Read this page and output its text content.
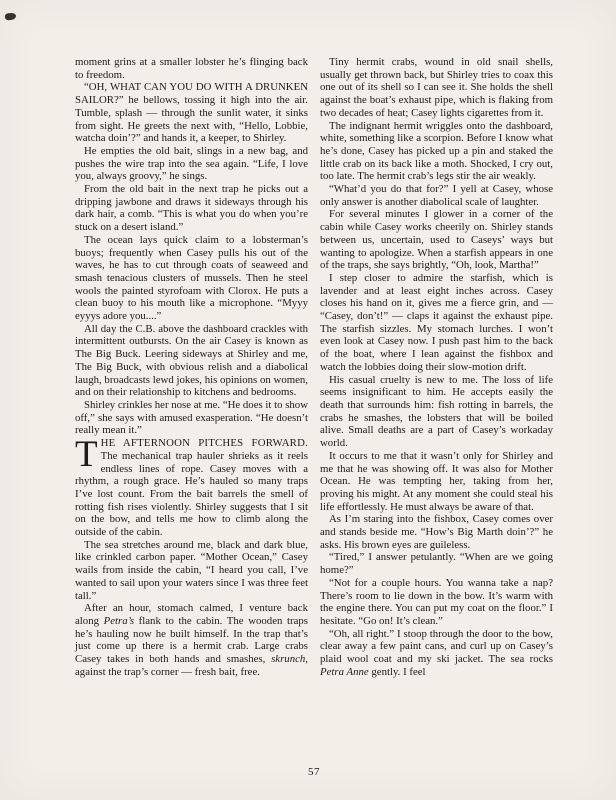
moment grins at a smaller lobster he’s flinging back to freedom.

“OH, WHAT CAN YOU DO WITH A DRUNKEN SAILOR?” he bellows, tossing it high into the air. Tumble, splash — through the sunlit water, it sinks from sight. He greets the next with, “Hello, Lobbie, watcha doin’?” and hands it, a keeper, to Shirley.

He empties the old bait, slings in a new bag, and pushes the wire trap into the sea again. “Life, I love you, always groovy,” he sings.

From the old bait in the next trap he picks out a dripping jawbone and draws it sideways through his dark hair, a comb. “This is what you do when you’re stuck on a desert island.”

The ocean lays quick claim to a lobsterman’s buoys; frequently when Casey pulls his out of the waves, he has to cut through coats of seaweed and smash tenacious clusters of mussels. Then he steel wools the painted styrofoam with Clorox. He puts a clean buoy to his mouth like a microphone. “Myyy eyyys adore you....”

All day the C.B. above the dashboard crackles with intermittent outbursts. On the air Casey is known as The Big Buck. Leering sideways at Shirley and me, The Big Buck, with obvious relish and a diabolical laugh, broadcasts lewd jokes, his opinions on women, and on their relationship to kitchens and bedrooms.

Shirley crinkles her nose at me. “He does it to show off,” she says with amused exasperation. “He doesn’t really mean it.”

THE AFTERNOON PITCHES FORWARD. The mechanical trap hauler shrieks as it reels endless lines of rope. Casey moves with a rhythm, a rough grace. He’s hauled so many traps I’ve lost count. From the bait barrels the smell of rotting fish rises violently. Shirley suggests that I sit on the bow, and tells me how to climb along the outside of the cabin.

The sea stretches around me, black and dark blue, like crinkled carbon paper. “Mother Ocean,” Casey wails from inside the cabin, “I heard you call, I’ve wanted to sail upon your waters since I was three feet tall.”

After an hour, stomach calmed, I venture back along Petra’s flank to the cabin. The wooden traps he’s hauling now he built himself. In the trap that’s just come up there is a hermit crab. Large crabs Casey takes in both hands and smashes, skrunch, against the trap’s corner — fresh bait, free.

Tiny hermit crabs, wound in old snail shells, usually get thrown back, but Shirley tries to coax this one out of its shell so I can see it. She holds the shell against the boat’s exhaust pipe, which is flaking from two decades of heat; Casey lights cigarettes from it.

The indignant hermit wriggles onto the dashboard, white, something like a scorpion. Before I know what he’s done, Casey has picked up a pin and staked the little crab on its back like a moth. Shocked, I cry out, too late. The hermit crab’s legs stir the air weakly.

“What’d you do that for?” I yell at Casey, whose only answer is another diabolical scale of laughter.

For several minutes I glower in a corner of the cabin while Casey works cheerily on. Shirley stands between us, uncertain, used to Caseys’ ways but wanting to apologize. When a starfish appears in one of the traps, she says brightly, “Oh, look, Martha!”

I step closer to admire the starfish, which is lavender and at least eight inches across. Casey closes his hand on it, gives me a fierce grin, and — “Casey, don’t!” — claps it against the exhaust pipe. The starfish sizzles. My stomach lurches. I won’t even look at Casey now. I push past him to the back of the boat, where I lean against the fishbox and watch the lobbies doing their slow-motion drift.

His casual cruelty is new to me. The loss of life seems insignificant to him. He accepts easily the death that surrounds him: fish rotting in barrels, the crabs he smashes, the lobsters that will be boiled alive. Small deaths are a part of Casey’s workaday world.

It occurs to me that it wasn’t only for Shirley and me that he was showing off. It was also for Mother Ocean. He was tempting her, taking from her, proving his might. At any moment she could steal his life effortlessly. He must always be aware of that.

As I’m staring into the fishbox, Casey comes over and stands beside me. “How’s Big Marth doin’?” he asks. His brown eyes are guileless.

“Tired,” I answer petulantly. “When are we going home?”

“Not for a couple hours. You wanna take a nap? There’s room to lie down in the bow. It’s warm with the engine there. You can put my coat on the floor.” I hesitate. “Go on! It’s clean.”

“Oh, all right.” I stoop through the door to the bow, clear away a few paint cans, and curl up on Casey’s plaid wool coat and my ski jacket. The sea rocks Petra Anne gently. I feel

57
